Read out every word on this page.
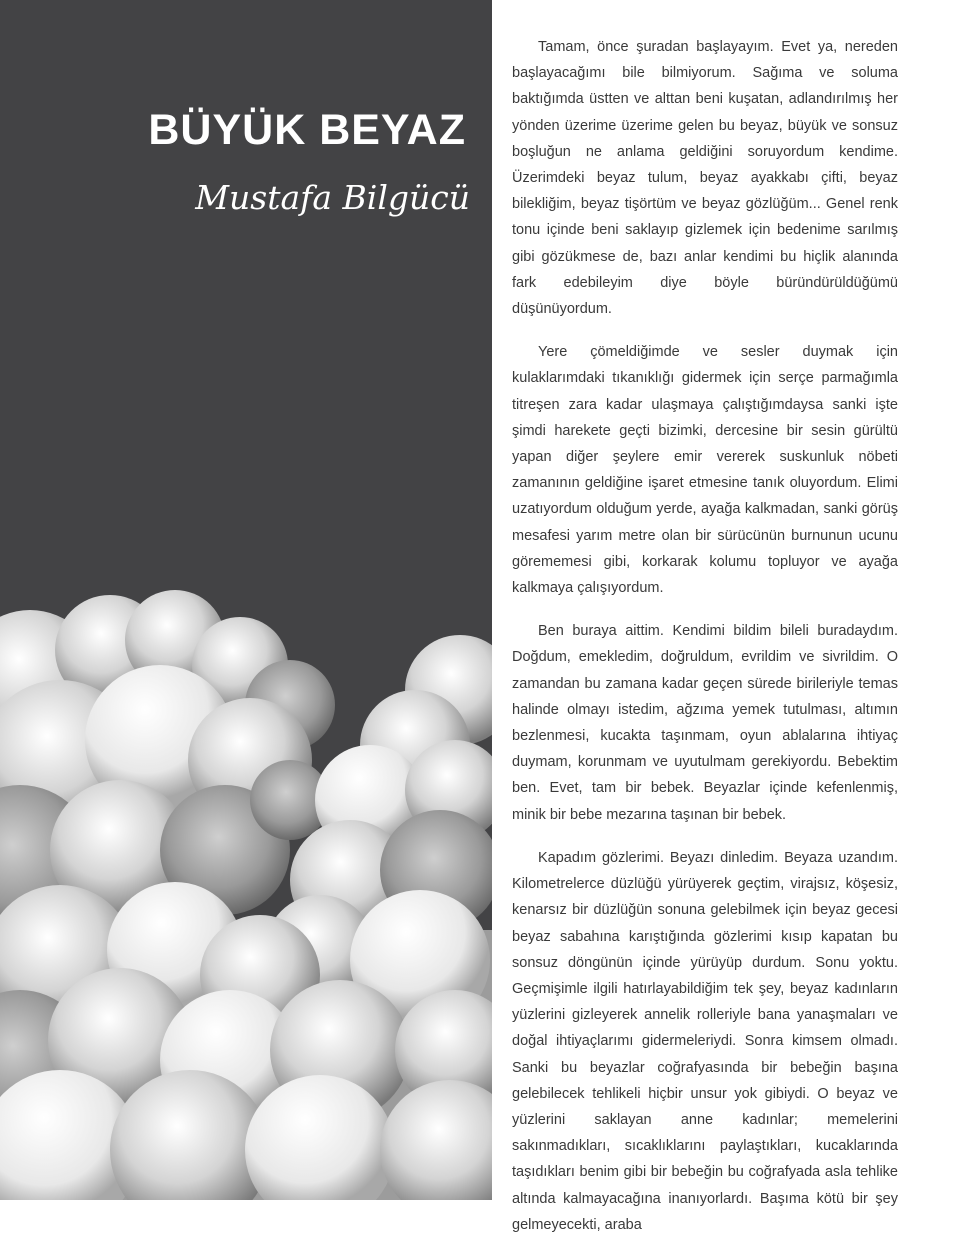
BÜYÜK BEYAZ
Mustafa Bilgücü

Tamam, önce şuradan başlayayım. Evet ya, nereden başlayacağımı bile bilmiyorum. Sağıma ve soluma baktığımda üstten ve alttan beni kuşatan, adlandırılmış her yönden üzerime üzerime gelen bu beyaz, büyük ve sonsuz boşluğun ne anlama geldiğini soruyordum kendime. Üzerimdeki beyaz tulum, beyaz ayakkabı çifti, beyaz bilekliğim, beyaz tişörtüm ve beyaz gözlüğüm... Genel renk tonu içinde beni saklayıp gizlemek için bedenime sarılmış gibi gözükmese de, bazı anlar kendimi bu hiçlik alanında fark edebileyim diye böyle büründürüldüğümü düşünüyordum.

Yere çömeldiğimde ve sesler duymak için kulaklarımdaki tıkanıklığı gidermek için serçe parmağımla titreşen zara kadar ulaşmaya çalıştığımdaysa sanki işte şimdi harekete geçti bizimki, dercesine bir sesin gürültü yapan diğer şeylere emir vererek suskunluk nöbeti zamanının geldiğine işaret etmesine tanık oluyordum. Elimi uzatıyordum olduğum yerde, ayağa kalkmadan, sanki görüş mesafesi yarım metre olan bir sürücünün burnunun ucunu görememesi gibi, korkarak kolumu topluyor ve ayağa kalkmaya çalışıyordum.

Ben buraya aittim. Kendimi bildim bileli buradaydım. Doğdum, emekledim, doğruldum, evrildim ve sivrildim. O zamandan bu zamana kadar geçen sürede birileriyle temas halinde olmayı istedim, ağzıma yemek tutulması, altımın bezlenmesi, kucakta taşınmam, oyun ablalarına ihtiyaç duymam, korunmam ve uyutulmam gerekiyordu. Bebektim ben. Evet, tam bir bebek. Beyazlar içinde kefenlenmiş, minik bir bebe mezarına taşınan bir bebek.

Kapadım gözlerimi. Beyazı dinledim. Beyaza uzandım. Kilometrelerce düzlüğü yürüyerek geçtim, virajsız, köşesiz, kenarsız bir düzlüğün sonuna gelebilmek için beyaz gecesi beyaz sabahına karıştığında gözlerimi kısıp kapatan bu sonsuz döngünün içinde yürüyüp durdum. Sonu yoktu. Geçmişimle ilgili hatırlayabildiğim tek şey, beyaz kadınların yüzlerini gizleyerek annelik rolleriyle bana yanaşmaları ve doğal ihtiyaçlarımı gidermeleriydi. Sonra kimsem olmadı. Sanki bu beyazlar coğrafyasında bir bebeğin başına gelebilecek tehlikeli hiçbir unsur yok gibiydi. O beyaz ve yüzlerini saklayan anne kadınlar; memelerini sakınmadıkları, sıcaklıklarını paylaştıkları, kucaklarında taşıdıkları benim gibi bir bebeğin bu coğrafyada asla tehlike altında kalmayacağına inanıyorlardı. Başıma kötü bir şey gelmeyecekti, araba
